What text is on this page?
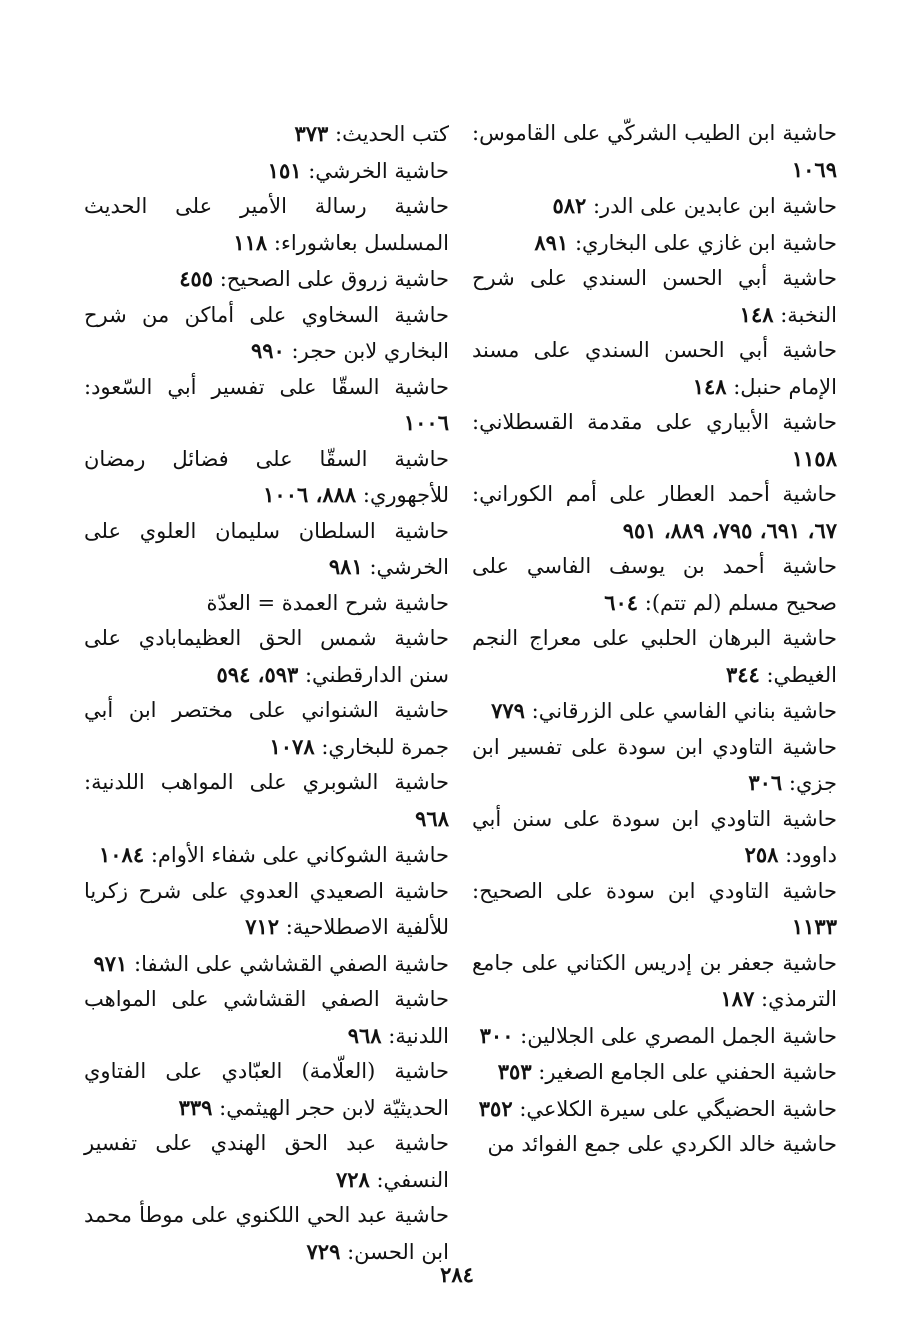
حاشية ابن الطيب الشركّي على القاموس: ١٠٦٩

حاشية ابن عابدين على الدر: ٥٨٢

حاشية ابن غازي على البخاري: ٨٩١

حاشية أبي الحسن السندي على شرح النخبة: ١٤٨

حاشية أبي الحسن السندي على مسند الإمام حنبل: ١٤٨

حاشية الأبياري على مقدمة القسطلاني: ١١٥٨

حاشية أحمد العطار على أمم الكوراني: ٦٧، ٦٩١، ٧٩٥، ٨٨٩، ٩٥١

حاشية أحمد بن يوسف الفاسي على صحيح مسلم (لم تتم): ٦٠٤

حاشية البرهان الحلبي على معراج النجم الغيطي: ٣٤٤

حاشية بناني الفاسي على الزرقاني: ٧٧٩

حاشية التاودي ابن سودة على تفسير ابن جزي: ٣٠٦

حاشية التاودي ابن سودة على سنن أبي داوود: ٢٥٨

حاشية التاودي ابن سودة على الصحيح: ١١٣٣

حاشية جعفر بن إدريس الكتاني على جامع الترمذي: ١٨٧

حاشية الجمل المصري على الجلالين: ٣٠٠

حاشية الحفني على الجامع الصغير: ٣٥٣

حاشية الحضيگي على سيرة الكلاعي: ٣٥٢

حاشية خالد الكردي على جمع الفوائد من

كتب الحديث: ٣٧٣

حاشية الخرشي: ١٥١

حاشية رسالة الأمير على الحديث المسلسل بعاشوراء: ١١٨

حاشية زروق على الصحيح: ٤٥٥

حاشية السخاوي على أماكن من شرح البخاري لابن حجر: ٩٩٠

حاشية السقّا على تفسير أبي السّعود: ١٠٠٦

حاشية السقّا على فضائل رمضان للأجهوري: ٨٨٨، ١٠٠٦

حاشية السلطان سليمان العلوي على الخرشي: ٩٨١

حاشية شرح العمدة = العدّة

حاشية شمس الحق العظيمابادي على سنن الدارقطني: ٥٩٣، ٥٩٤

حاشية الشنواني على مختصر ابن أبي جمرة للبخاري: ١٠٧٨

حاشية الشوبري على المواهب اللدنية: ٩٦٨

حاشية الشوكاني على شفاء الأوام: ١٠٨٤

حاشية الصعيدي العدوي على شرح زكريا للألفية الاصطلاحية: ٧١٢

حاشية الصفي القشاشي على الشفا: ٩٧١

حاشية الصفي القشاشي على المواهب اللدنية: ٩٦٨

حاشية (العلّامة) العبّادي على الفتاوي الحديثيّة لابن حجر الهيثمي: ٣٣٩

حاشية عبد الحق الهندي على تفسير النسفي: ٧٢٨

حاشية عبد الحي اللكنوي على موطأ محمد ابن الحسن: ٧٢٩

٢٨٤
